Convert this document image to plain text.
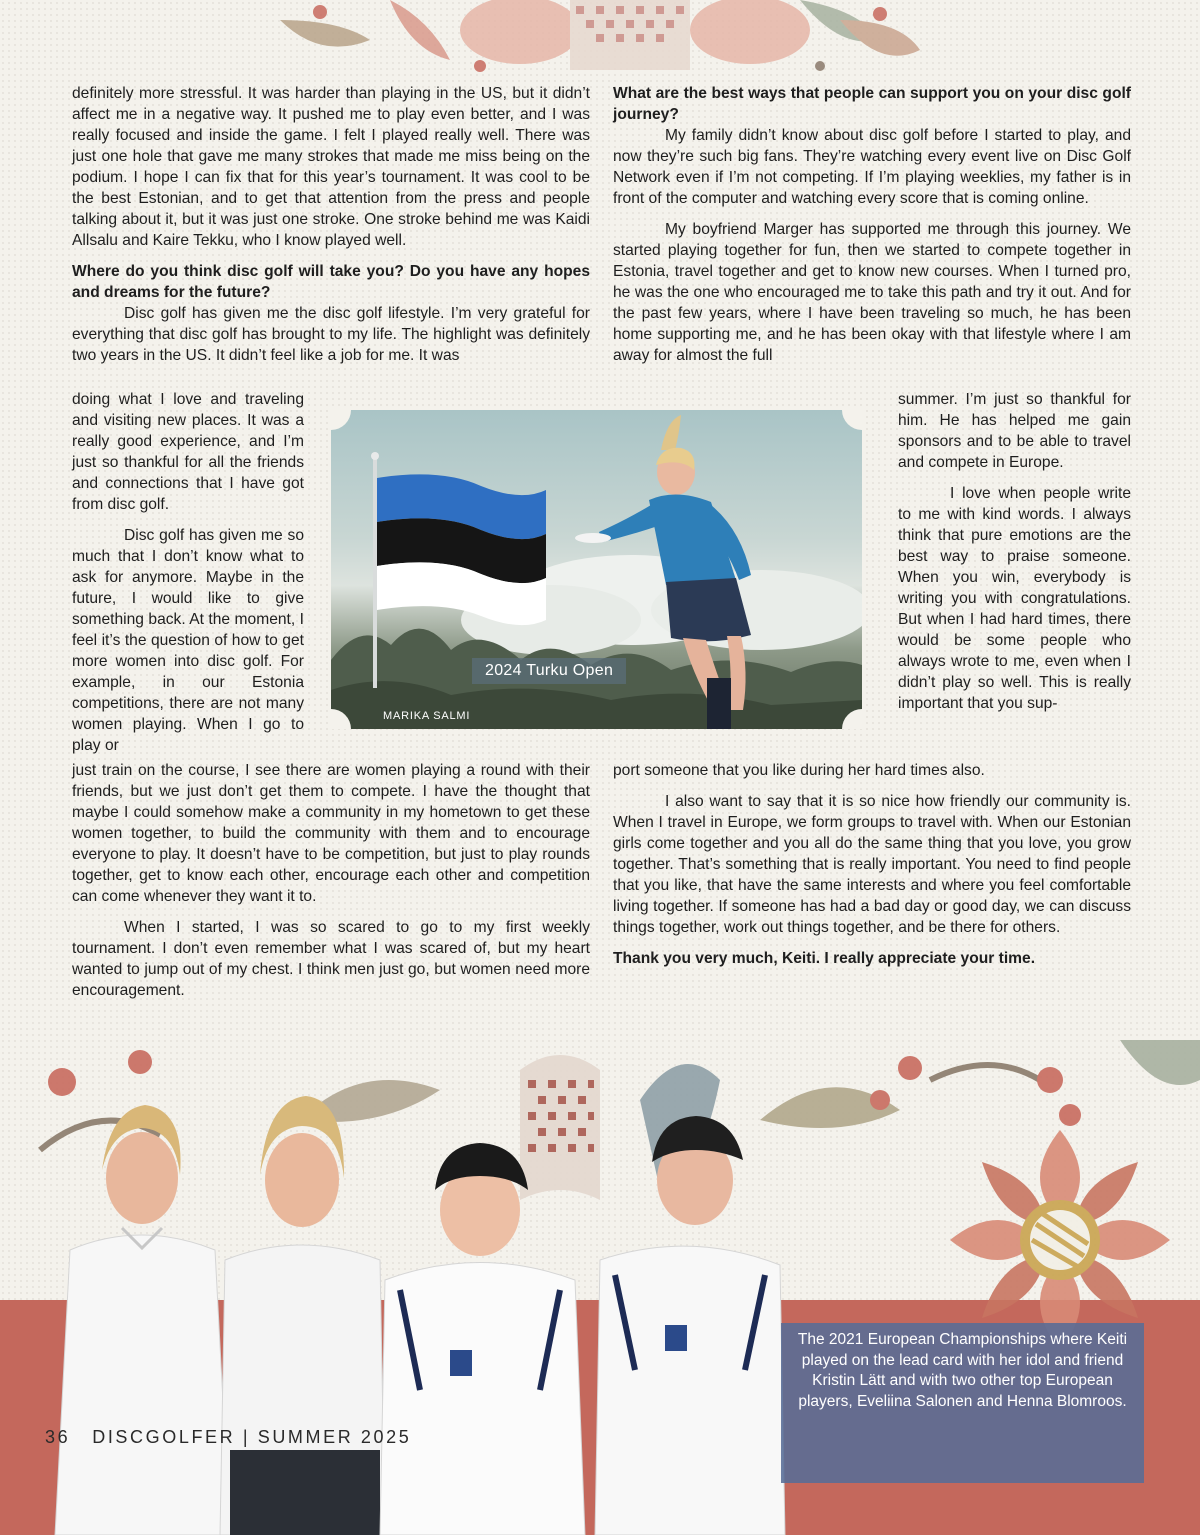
definitely more stressful. It was harder than playing in the US, but it didn’t affect me in a negative way. It pushed me to play even better, and I was really focused and inside the game. I felt I played really well. There was just one hole that gave me many strokes that made me miss being on the podium. I hope I can fix that for this year’s tournament. It was cool to be the best Estonian, and to get that attention from the press and people talking about it, but it was just one stroke. One stroke behind me was Kaidi Allsalu and Kaire Tekku, who I know played well.

Where do you think disc golf will take you? Do you have any hopes and dreams for the future?

Disc golf has given me the disc golf lifestyle. I’m very grateful for everything that disc golf has brought to my life. The highlight was definitely two years in the US. It didn’t feel like a job for me. It was

doing what I love and traveling and visiting new places. It was a really good experience, and I’m just so thankful for all the friends and connections that I have got from disc golf.

Disc golf has given me so much that I don’t know what to ask for anymore. Maybe in the future, I would like to give something back. At the moment, I feel it’s the question of how to get more women into disc golf. For example, in our Estonia competitions, there are not many women playing. When I go to play or

just train on the course, I see there are women playing a round with their friends, but we just don’t get them to compete. I have the thought that maybe I could somehow make a community in my hometown to get these women together, to build the community with them and to encourage everyone to play. It doesn’t have to be competition, but just to play rounds together, get to know each other, encourage each other and competition can come whenever they want it to.

When I started, I was so scared to go to my first weekly tournament. I don’t even remember what I was scared of, but my heart wanted to jump out of my chest. I think men just go, but women need more encouragement.

What are the best ways that people can support you on your disc golf journey?

My family didn’t know about disc golf before I started to play, and now they’re such big fans. They’re watching every event live on Disc Golf Network even if I’m not competing. If I’m playing weeklies, my father is in front of the computer and watching every score that is coming online.

My boyfriend Marger has supported me through this journey. We started playing together for fun, then we started to compete together in Estonia, travel together and get to know new courses. When I turned pro, he was the one who encouraged me to take this path and try it out. And for the past few years, where I have been traveling so much, he has been home supporting me, and he has been okay with that lifestyle where I am away for almost the full

summer. I’m just so thankful for him. He has helped me gain sponsors and to be able to travel and compete in Europe.

I love when people write to me with kind words. I always think that pure emotions are the best way to praise someone. When you win, everybody is writing you with congratulations. But when I had hard times, there would be some people who always wrote to me, even when I didn’t play so well. This is really important that you sup-

port someone that you like during her hard times also.

I also want to say that it is so nice how friendly our community is. When I travel in Europe, we form groups to travel with. When our Estonian girls come together and you all do the same thing that you love, you grow together. That’s something that is really important. You need to find people that you like, that have the same interests and where you feel comfortable living together. If someone has had a bad day or good day, we can discuss things together, work out things together, and be there for others.

Thank you very much, Keiti. I really appreciate your time.

2024 Turku Open
MARIKA SALMI
The 2021 European Championships where Keiti played on the lead card with her idol and friend Kristin Lätt and with two other top European players, Eveliina Salonen and Henna Blomroos.
36 DISCGOLFER | SUMMER 2025
